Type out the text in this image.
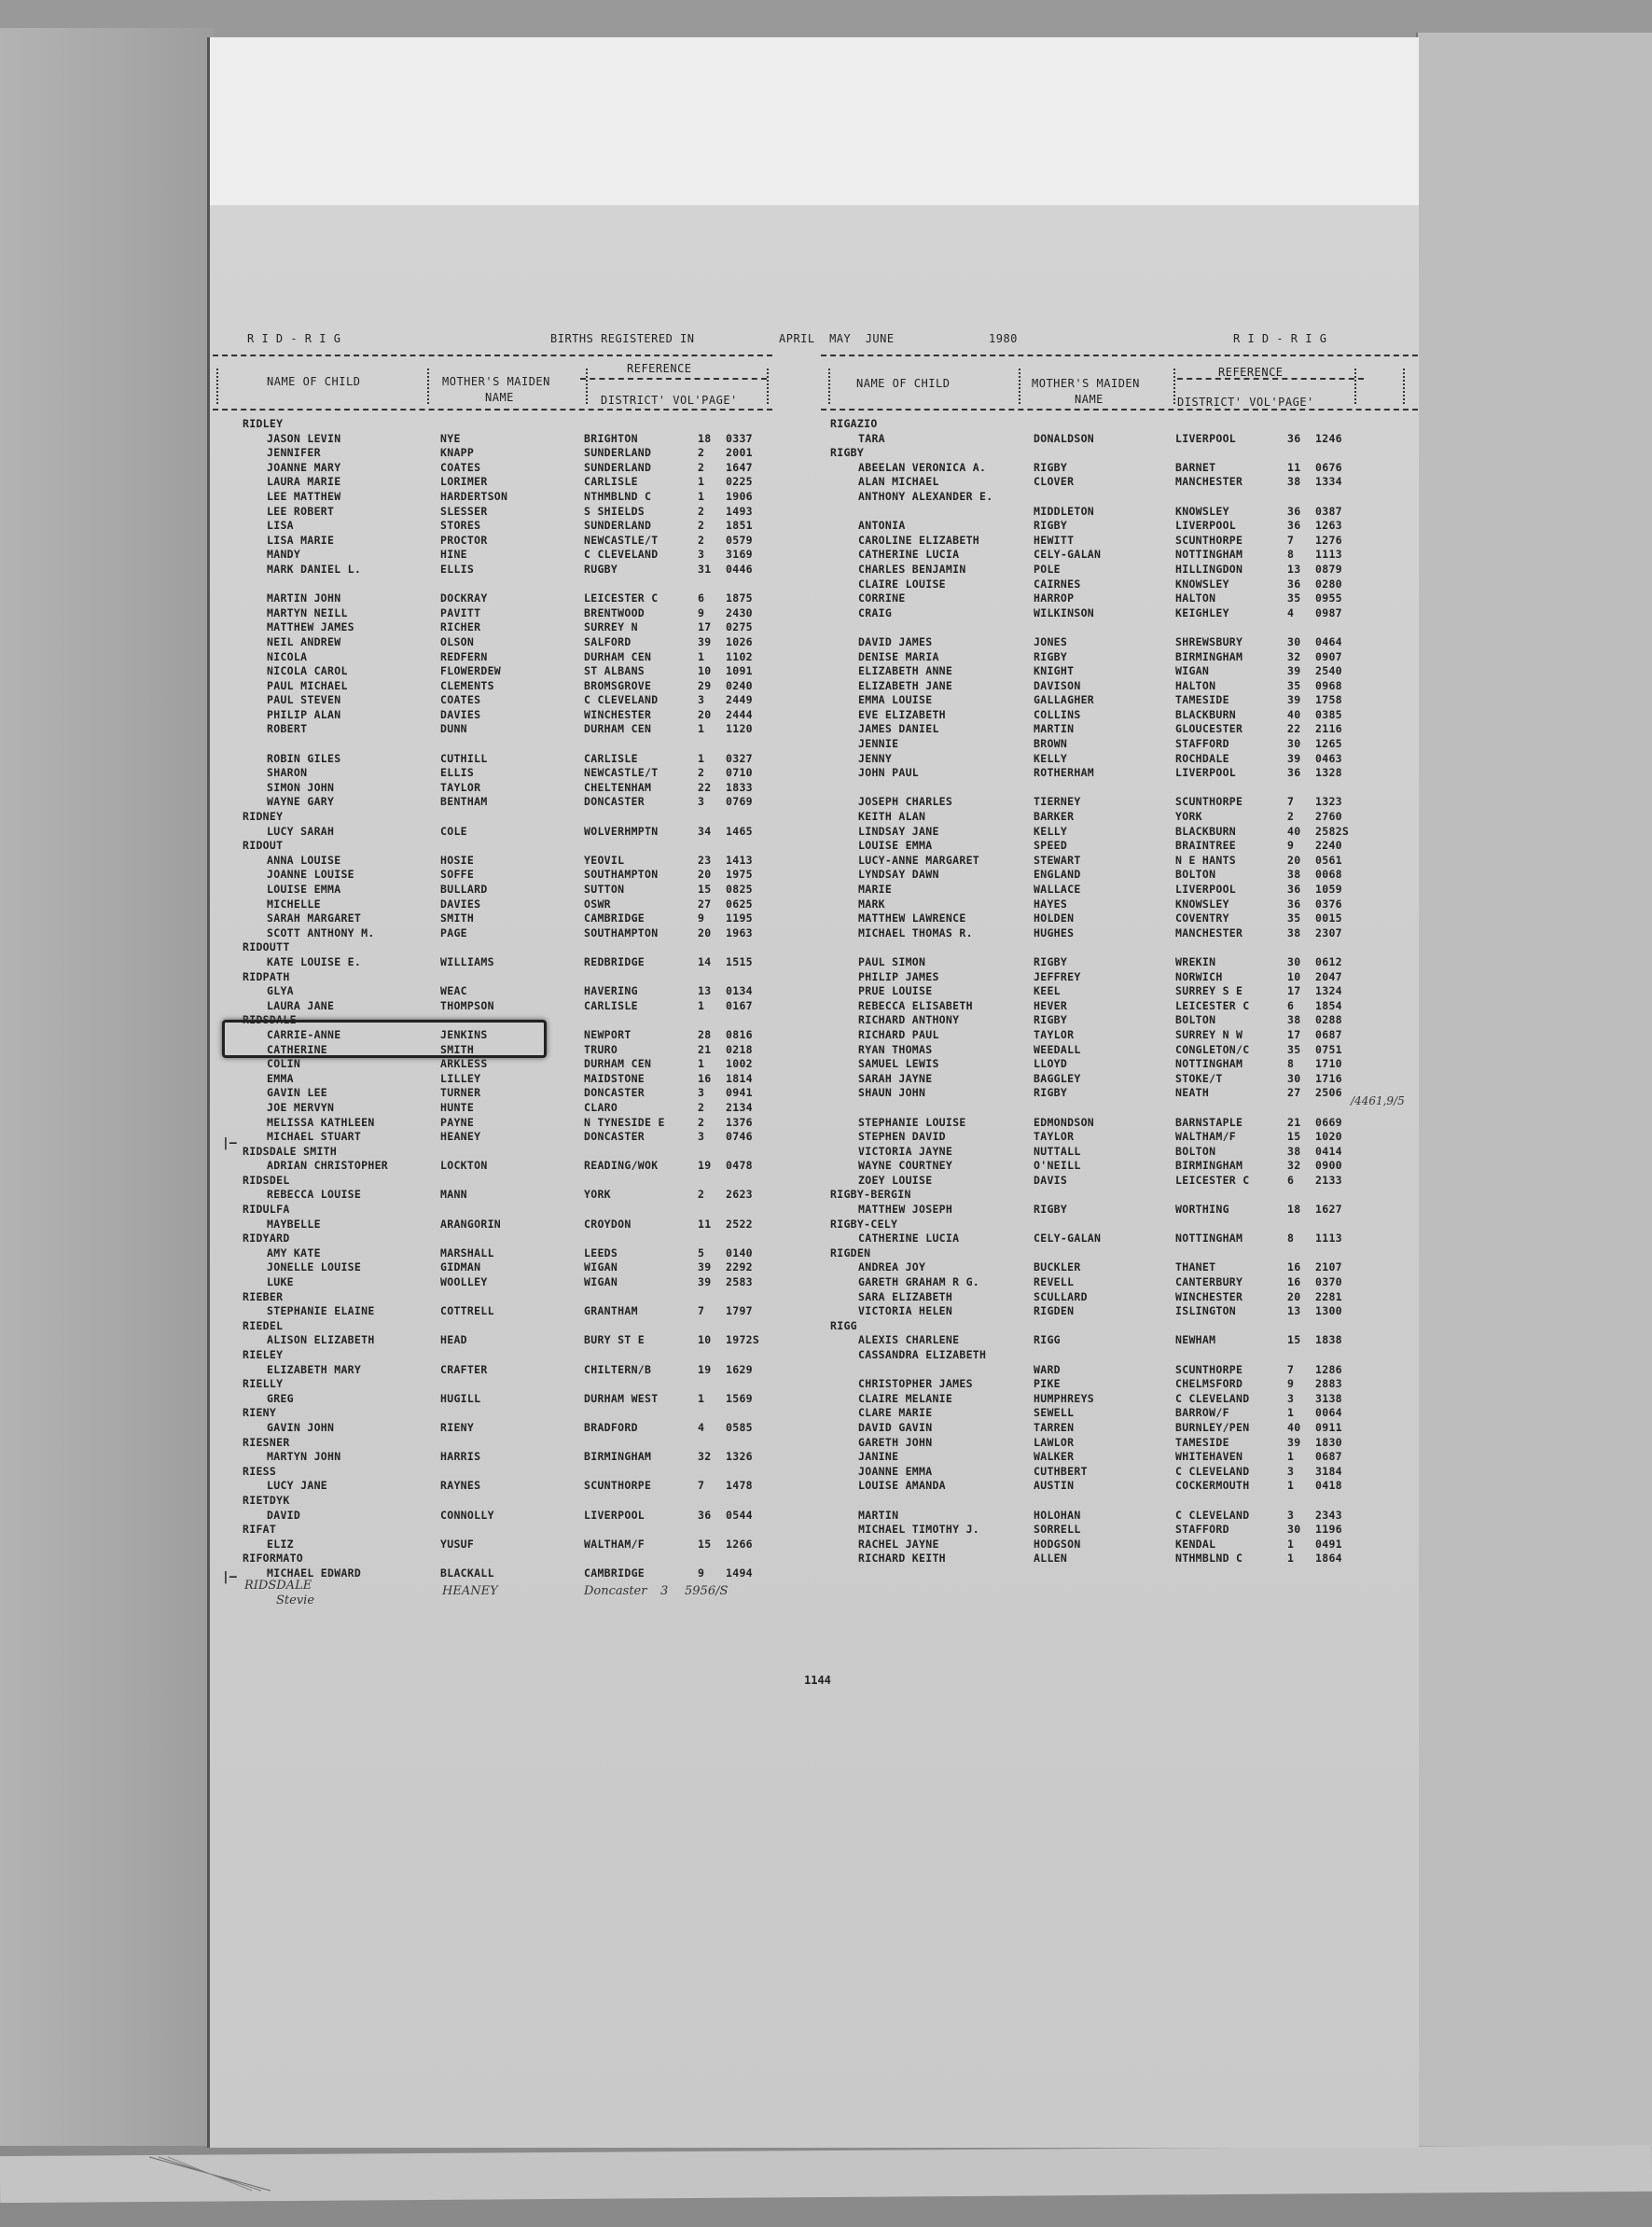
R I D - R I G	BIRTHS REGISTERED IN	APRIL  MAY  JUNE	1980	R I D - R I G
NAME OF CHILD	MOTHER'S MAIDEN
NAME
REFERENCE
DISTRICT' VOL'PAGE'
NAME OF CHILD	MOTHER'S MAIDEN
NAME
REFERENCE
DISTRICT' VOL'PAGE'
RIDLEY
JASON LEVIN	NYE	BRIGHTON	18 0337
JENNIFER	KNAPP	SUNDERLAND	2 2001
JOANNE MARY	COATES	SUNDERLAND	2 1647
LAURA MARIE	LORIMER	CARLISLE	1 0225
LEE MATTHEW	HARDERTSON	NTHMBLND C	1 1906
LEE ROBERT	SLESSER	S SHIELDS	2 1493
LISA	STORES	SUNDERLAND	2 1851
LISA MARIE	PROCTOR	NEWCASTLE/T	2 0579
MANDY	HINE	C CLEVELAND	3 3169
MARK DANIEL L.	ELLIS	RUGBY	31 0446
MARTIN JOHN	DOCKRAY	LEICESTER C	6 1875
MARTYN NEILL	PAVITT	BRENTWOOD	9 2430
MATTHEW JAMES	RICHER	SURREY N	17 0275
NEIL ANDREW	OLSON	SALFORD	39 1026
NICOLA	REDFERN	DURHAM CEN	1 1102
NICOLA CAROL	FLOWERDEW	ST ALBANS	10 1091
PAUL MICHAEL	CLEMENTS	BROMSGROVE	29 0240
PAUL STEVEN	COATES	C CLEVELAND	3 2449
PHILIP ALAN	DAVIES	WINCHESTER	20 2444
ROBERT	DUNN	DURHAM CEN	1 1120
ROBIN GILES	CUTHILL	CARLISLE	1 0327
SHARON	ELLIS	NEWCASTLE/T	2 0710
SIMON JOHN	TAYLOR	CHELTENHAM	22 1833
WAYNE GARY	BENTHAM	DONCASTER	3 0769
RIDNEY
LUCY SARAH	COLE	WOLVERHMPTN	34 1465
RIDOUT
ANNA LOUISE	HOSIE	YEOVIL	23 1413
JOANNE LOUISE	SOFFE	SOUTHAMPTON	20 1975
LOUISE EMMA	BULLARD	SUTTON	15 0825
MICHELLE	DAVIES	OSWR	27 0625
SARAH MARGARET	SMITH	CAMBRIDGE	9 1195
SCOTT ANTHONY M.	PAGE	SOUTHAMPTON	20 1963
RIDOUTT
KATE LOUISE E.	WILLIAMS	REDBRIDGE	14 1515
RIDPATH
GLYA	WEAC	HAVERING	13 0134
LAURA JANE	THOMPSON	CARLISLE	1 0167
RIDSDALE
CARRIE-ANNE	JENKINS	NEWPORT	28 0816
CATHERINE	SMITH	TRURO	21 0218
COLIN	ARKLESS	DURHAM CEN	1 1002
EMMA	LILLEY	MAIDSTONE	16 1814
GAVIN LEE	TURNER	DONCASTER	3 0941
JOE MERVYN	HUNTE	CLARO	2 2134
MELISSA KATHLEEN	PAYNE	N TYNESIDE E	2 1376
MICHAEL STUART	HEANEY	DONCASTER	3 0746
RIDSDALE SMITH
ADRIAN CHRISTOPHER	LOCKTON	READING/WOK	19 0478
RIDSDEL
REBECCA LOUISE	MANN	YORK	2 2623
RIDULFA
MAYBELLE	ARANGORIN	CROYDON	11 2522
RIDYARD
AMY KATE	MARSHALL	LEEDS	5 0140
JONELLE LOUISE	GIDMAN	WIGAN	39 2292
LUKE	WOOLLEY	WIGAN	39 2583
RIEBER
STEPHANIE ELAINE	COTTRELL	GRANTHAM	7 1797
RIEDEL
ALISON ELIZABETH	HEAD	BURY ST E	10 1972S
RIELEY
ELIZABETH MARY	CRAFTER	CHILTERN/B	19 1629
RIELLY
GREG	HUGILL	DURHAM WEST	1 1569
RIENY
GAVIN JOHN	RIENY	BRADFORD	4 0585
RIESNER
MARTYN JOHN	HARRIS	BIRMINGHAM	32 1326
RIESS
LUCY JANE	RAYNES	SCUNTHORPE	7 1478
RIETDYK
DAVID	CONNOLLY	LIVERPOOL	36 0544
RIFAT
ELIZ	YUSUF	WALTHAM/F	15 1266
RIFORMATO
MICHAEL EDWARD	BLACKALL	CAMBRIDGE	9 1494
RIGAZIO
TARA	DONALDSON	LIVERPOOL	36 1246
RIGBY
ABEELAN VERONICA A.	RIGBY	BARNET	11 0676
ALAN MICHAEL	CLOVER	MANCHESTER	38 1334
ANTHONY ALEXANDER E.
MIDDLETON	KNOWSLEY	36 0387
ANTONIA	RIGBY	LIVERPOOL	36 1263
CAROLINE ELIZABETH	HEWITT	SCUNTHORPE	7 1276
CATHERINE LUCIA	CELY-GALAN	NOTTINGHAM	8 1113
CHARLES BENJAMIN	POLE	HILLINGDON	13 0879
CLAIRE LOUISE	CAIRNES	KNOWSLEY	36 0280
CORRINE	HARROP	HALTON	35 0955
CRAIG	WILKINSON	KEIGHLEY	4 0987
DAVID JAMES	JONES	SHREWSBURY	30 0464
DENISE MARIA	RIGBY	BIRMINGHAM	32 0907
ELIZABETH ANNE	KNIGHT	WIGAN	39 2540
ELIZABETH JANE	DAVISON	HALTON	35 0968
EMMA LOUISE	GALLAGHER	TAMESIDE	39 1758
EVE ELIZABETH	COLLINS	BLACKBURN	40 0385
JAMES DANIEL	MARTIN	GLOUCESTER	22 2116
JENNIE	BROWN	STAFFORD	30 1265
JENNY	KELLY	ROCHDALE	39 0463
JOHN PAUL	ROTHERHAM	LIVERPOOL	36 1328
JOSEPH CHARLES	TIERNEY	SCUNTHORPE	7 1323
KEITH ALAN	BARKER	YORK	2 2760
LINDSAY JANE	KELLY	BLACKBURN	40 2582S
LOUISE EMMA	SPEED	BRAINTREE	9 2240
LUCY-ANNE MARGARET	STEWART	N E HANTS	20 0561
LYNDSAY DAWN	ENGLAND	BOLTON	38 0068
MARIE	WALLACE	LIVERPOOL	36 1059
MARK	HAYES	KNOWSLEY	36 0376
MATTHEW LAWRENCE	HOLDEN	COVENTRY	35 0015
MICHAEL THOMAS R.	HUGHES	MANCHESTER	38 2307
PAUL SIMON	RIGBY	WREKIN	30 0612
PHILIP JAMES	JEFFREY	NORWICH	10 2047
PRUE LOUISE	KEEL	SURREY S E	17 1324
REBECCA ELISABETH	HEVER	LEICESTER C	6 1854
RICHARD ANTHONY	RIGBY	BOLTON	38 0288
RICHARD PAUL	TAYLOR	SURREY N W	17 0687
RYAN THOMAS	WEEDALL	CONGLETON/C	35 0751
SAMUEL LEWIS	LLOYD	NOTTINGHAM	8 1710
SARAH JAYNE	BAGGLEY	STOKE/T	30 1716
SHAUN JOHN	RIGBY	NEATH	27 2506
STEPHANIE LOUISE	EDMONDSON	BARNSTAPLE	21 0669
STEPHEN DAVID	TAYLOR	WALTHAM/F	15 1020
VICTORIA JAYNE	NUTTALL	BOLTON	38 0414
WAYNE COURTNEY	O'NEILL	BIRMINGHAM	32 0900
ZOEY LOUISE	DAVIS	LEICESTER C	6 2133
RIGBY-BERGIN
MATTHEW JOSEPH	RIGBY	WORTHING	18 1627
RIGBY-CELY
CATHERINE LUCIA	CELY-GALAN	NOTTINGHAM	8 1113
RIGDEN
ANDREA JOY	BUCKLER	THANET	16 2107
GARETH GRAHAM R G.	REVELL	CANTERBURY	16 0370
SARA ELIZABETH	SCULLARD	WINCHESTER	20 2281
VICTORIA HELEN	RIGDEN	ISLINGTON	13 1300
RIGG
ALEXIS CHARLENE	RIGG	NEWHAM	15 1838
CASSANDRA ELIZABETH
WARD	SCUNTHORPE	7 1286
CHRISTOPHER JAMES	PIKE	CHELMSFORD	9 2883
CLAIRE MELANIE	HUMPHREYS	C CLEVELAND	3 3138
CLARE MARIE	SEWELL	BARROW/F	1 0064
DAVID GAVIN	TARREN	BURNLEY/PEN	40 0911
GARETH JOHN	LAWLOR	TAMESIDE	39 1830
JANINE	WALKER	WHITEHAVEN	1 0687
JOANNE EMMA	CUTHBERT	C CLEVELAND	3 3184
LOUISE AMANDA	AUSTIN	COCKERMOUTH	1 0418
MARTIN	HOLOHAN	C CLEVELAND	3 2343
MICHAEL TIMOTHY J.	SORRELL	STAFFORD	30 1196
RACHEL JAYNE	HODGSON	KENDAL	1 0491
RICHARD KEITH	ALLEN	NTHMBLND C	1 1864
|—
|—
RIDSDALE
Stevie
HEANEY	Doncaster 3 5956/S
/4461,9/5
1144
